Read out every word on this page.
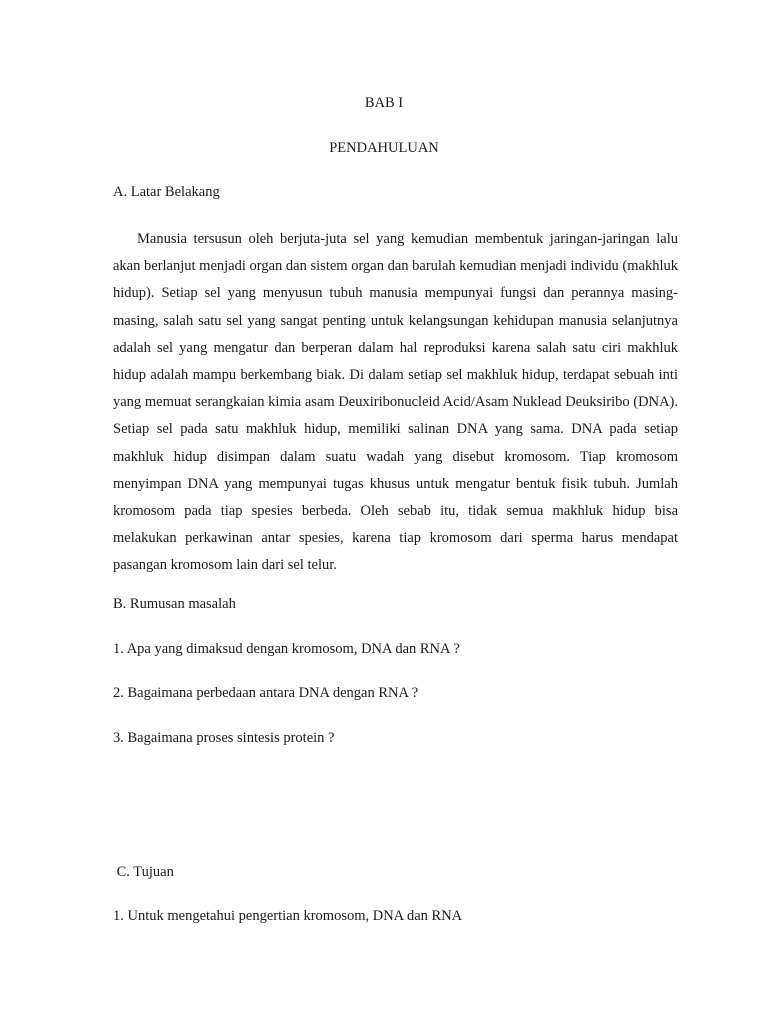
BAB I
PENDAHULUAN
A. Latar Belakang

Manusia tersusun oleh berjuta-juta sel yang kemudian membentuk jaringan-jaringan lalu akan berlanjut menjadi organ dan sistem organ dan barulah kemudian menjadi individu (makhluk hidup). Setiap sel yang menyusun tubuh manusia mempunyai fungsi dan perannya masing- masing, salah satu sel yang sangat penting untuk kelangsungan kehidupan manusia selanjutnya adalah sel yang mengatur dan berperan dalam hal reproduksi karena salah satu ciri makhluk hidup adalah mampu berkembang biak. Di dalam setiap sel makhluk hidup, terdapat sebuah inti yang memuat serangkaian kimia asam Deuxiribonucleid Acid/Asam Nuklead Deuksiribo (DNA). Setiap sel pada satu makhluk hidup, memiliki salinan DNA yang sama. DNA pada setiap makhluk hidup disimpan dalam suatu wadah yang disebut kromosom. Tiap kromosom menyimpan DNA yang mempunyai tugas khusus untuk mengatur bentuk fisik tubuh. Jumlah kromosom pada tiap spesies berbeda. Oleh sebab itu, tidak semua makhluk hidup bisa melakukan perkawinan antar spesies, karena tiap kromosom dari sperma harus mendapat pasangan kromosom lain dari sel telur.

B. Rumusan masalah
1. Apa yang dimaksud dengan kromosom, DNA dan RNA ?
2. Bagaimana perbedaan antara DNA dengan RNA ?
3. Bagaimana proses sintesis protein ?
C. Tujuan
1. Untuk mengetahui pengertian kromosom, DNA dan RNA
